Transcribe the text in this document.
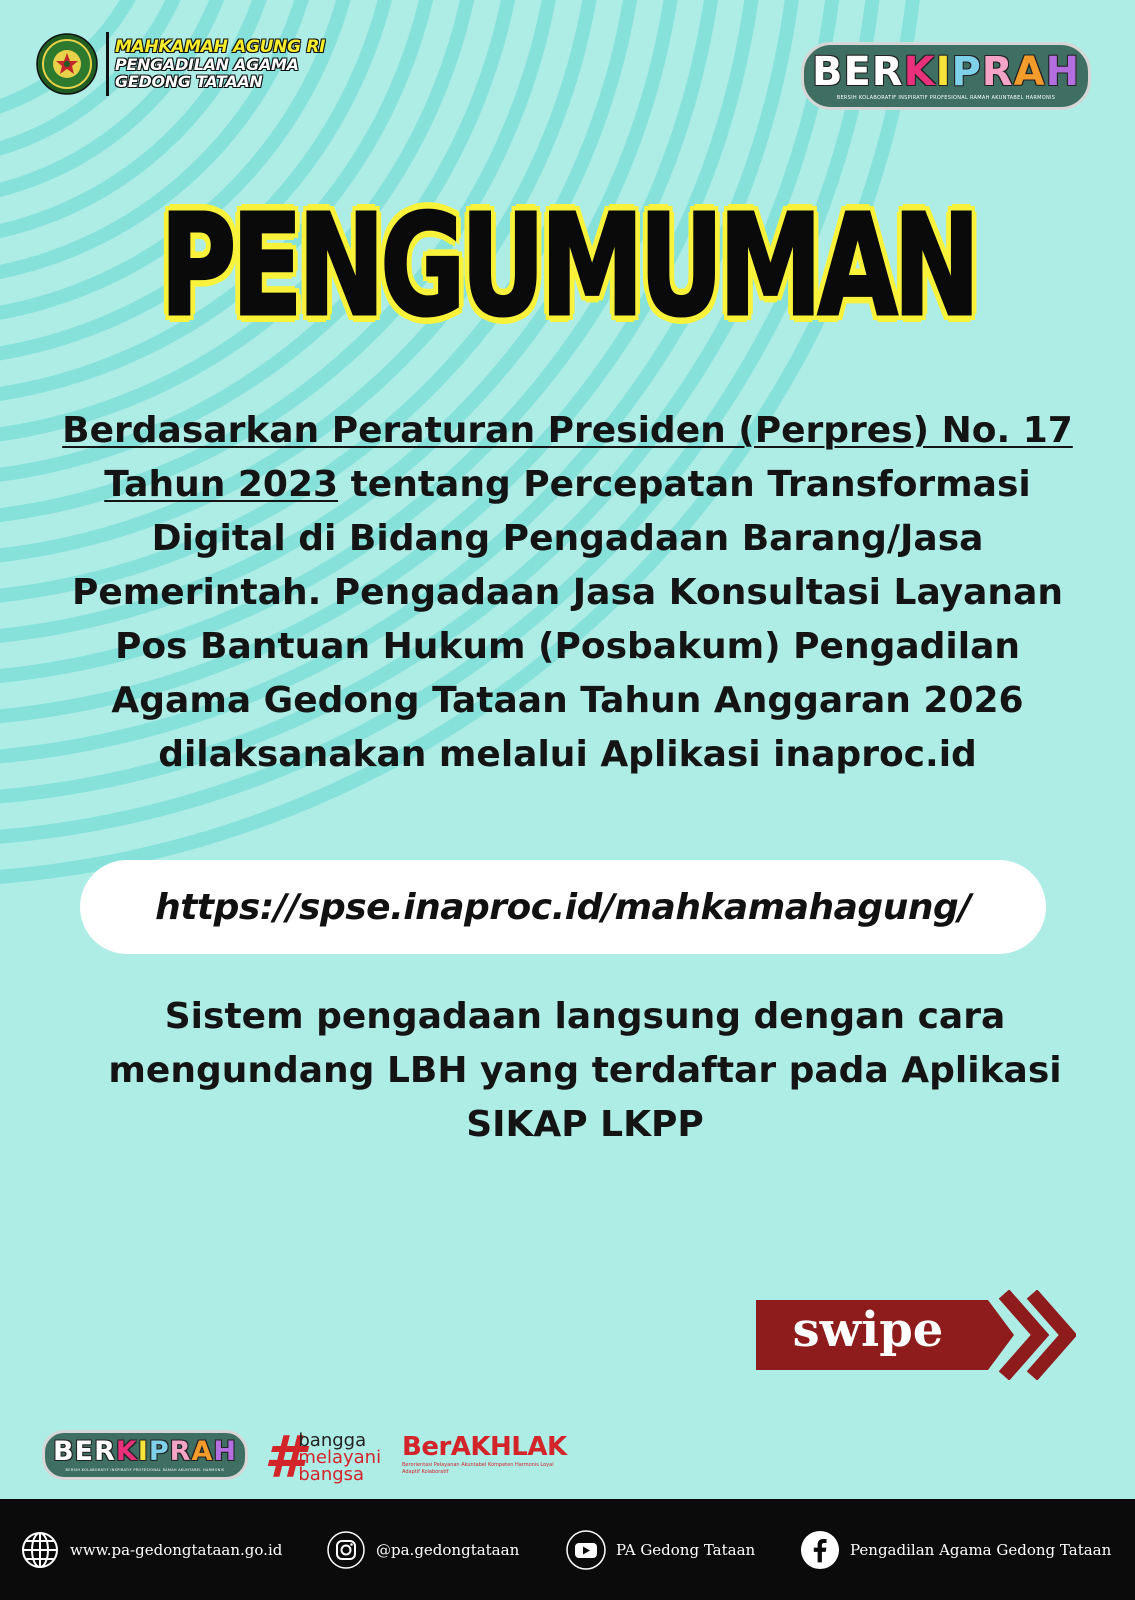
MAHKAMAH AGUNG RI
PENGADILAN AGAMA
GEDONG TATAAN	BERKIPRAH
BERSIH KOLABORATIF INSPIRATIF PROFESIONAL RAMAH AKUNTABEL HARMONIS
PENGUMUMAN
Berdasarkan Peraturan Presiden (Perpres) No. 17 Tahun 2023 tentang Percepatan Transformasi Digital di Bidang Pengadaan Barang/Jasa Pemerintah. Pengadaan Jasa Konsultasi Layanan Pos Bantuan Hukum (Posbakum) Pengadilan Agama Gedong Tataan Tahun Anggaran 2026 dilaksanakan melalui Aplikasi inaproc.id
https://spse.inaproc.id/mahkamahagung/
Sistem pengadaan langsung dengan cara mengundang LBH yang terdaftar pada Aplikasi SIKAP LKPP
swipe
BERKIPRAH
BERSIH KOLABORATIF INSPIRATIF PROFESIONAL RAMAH AKUNTABEL HARMONIS #
bangga
melayani
bangsa
BerAKHLAK
Berorientasi Pelayanan Akuntabel Kompeten Harmonis Loyal Adaptif Kolaboratif
www.pa-gedongtataan.go.id	@pa.gedongtataan	PA Gedong Tataan	Pengadilan Agama Gedong Tataan
